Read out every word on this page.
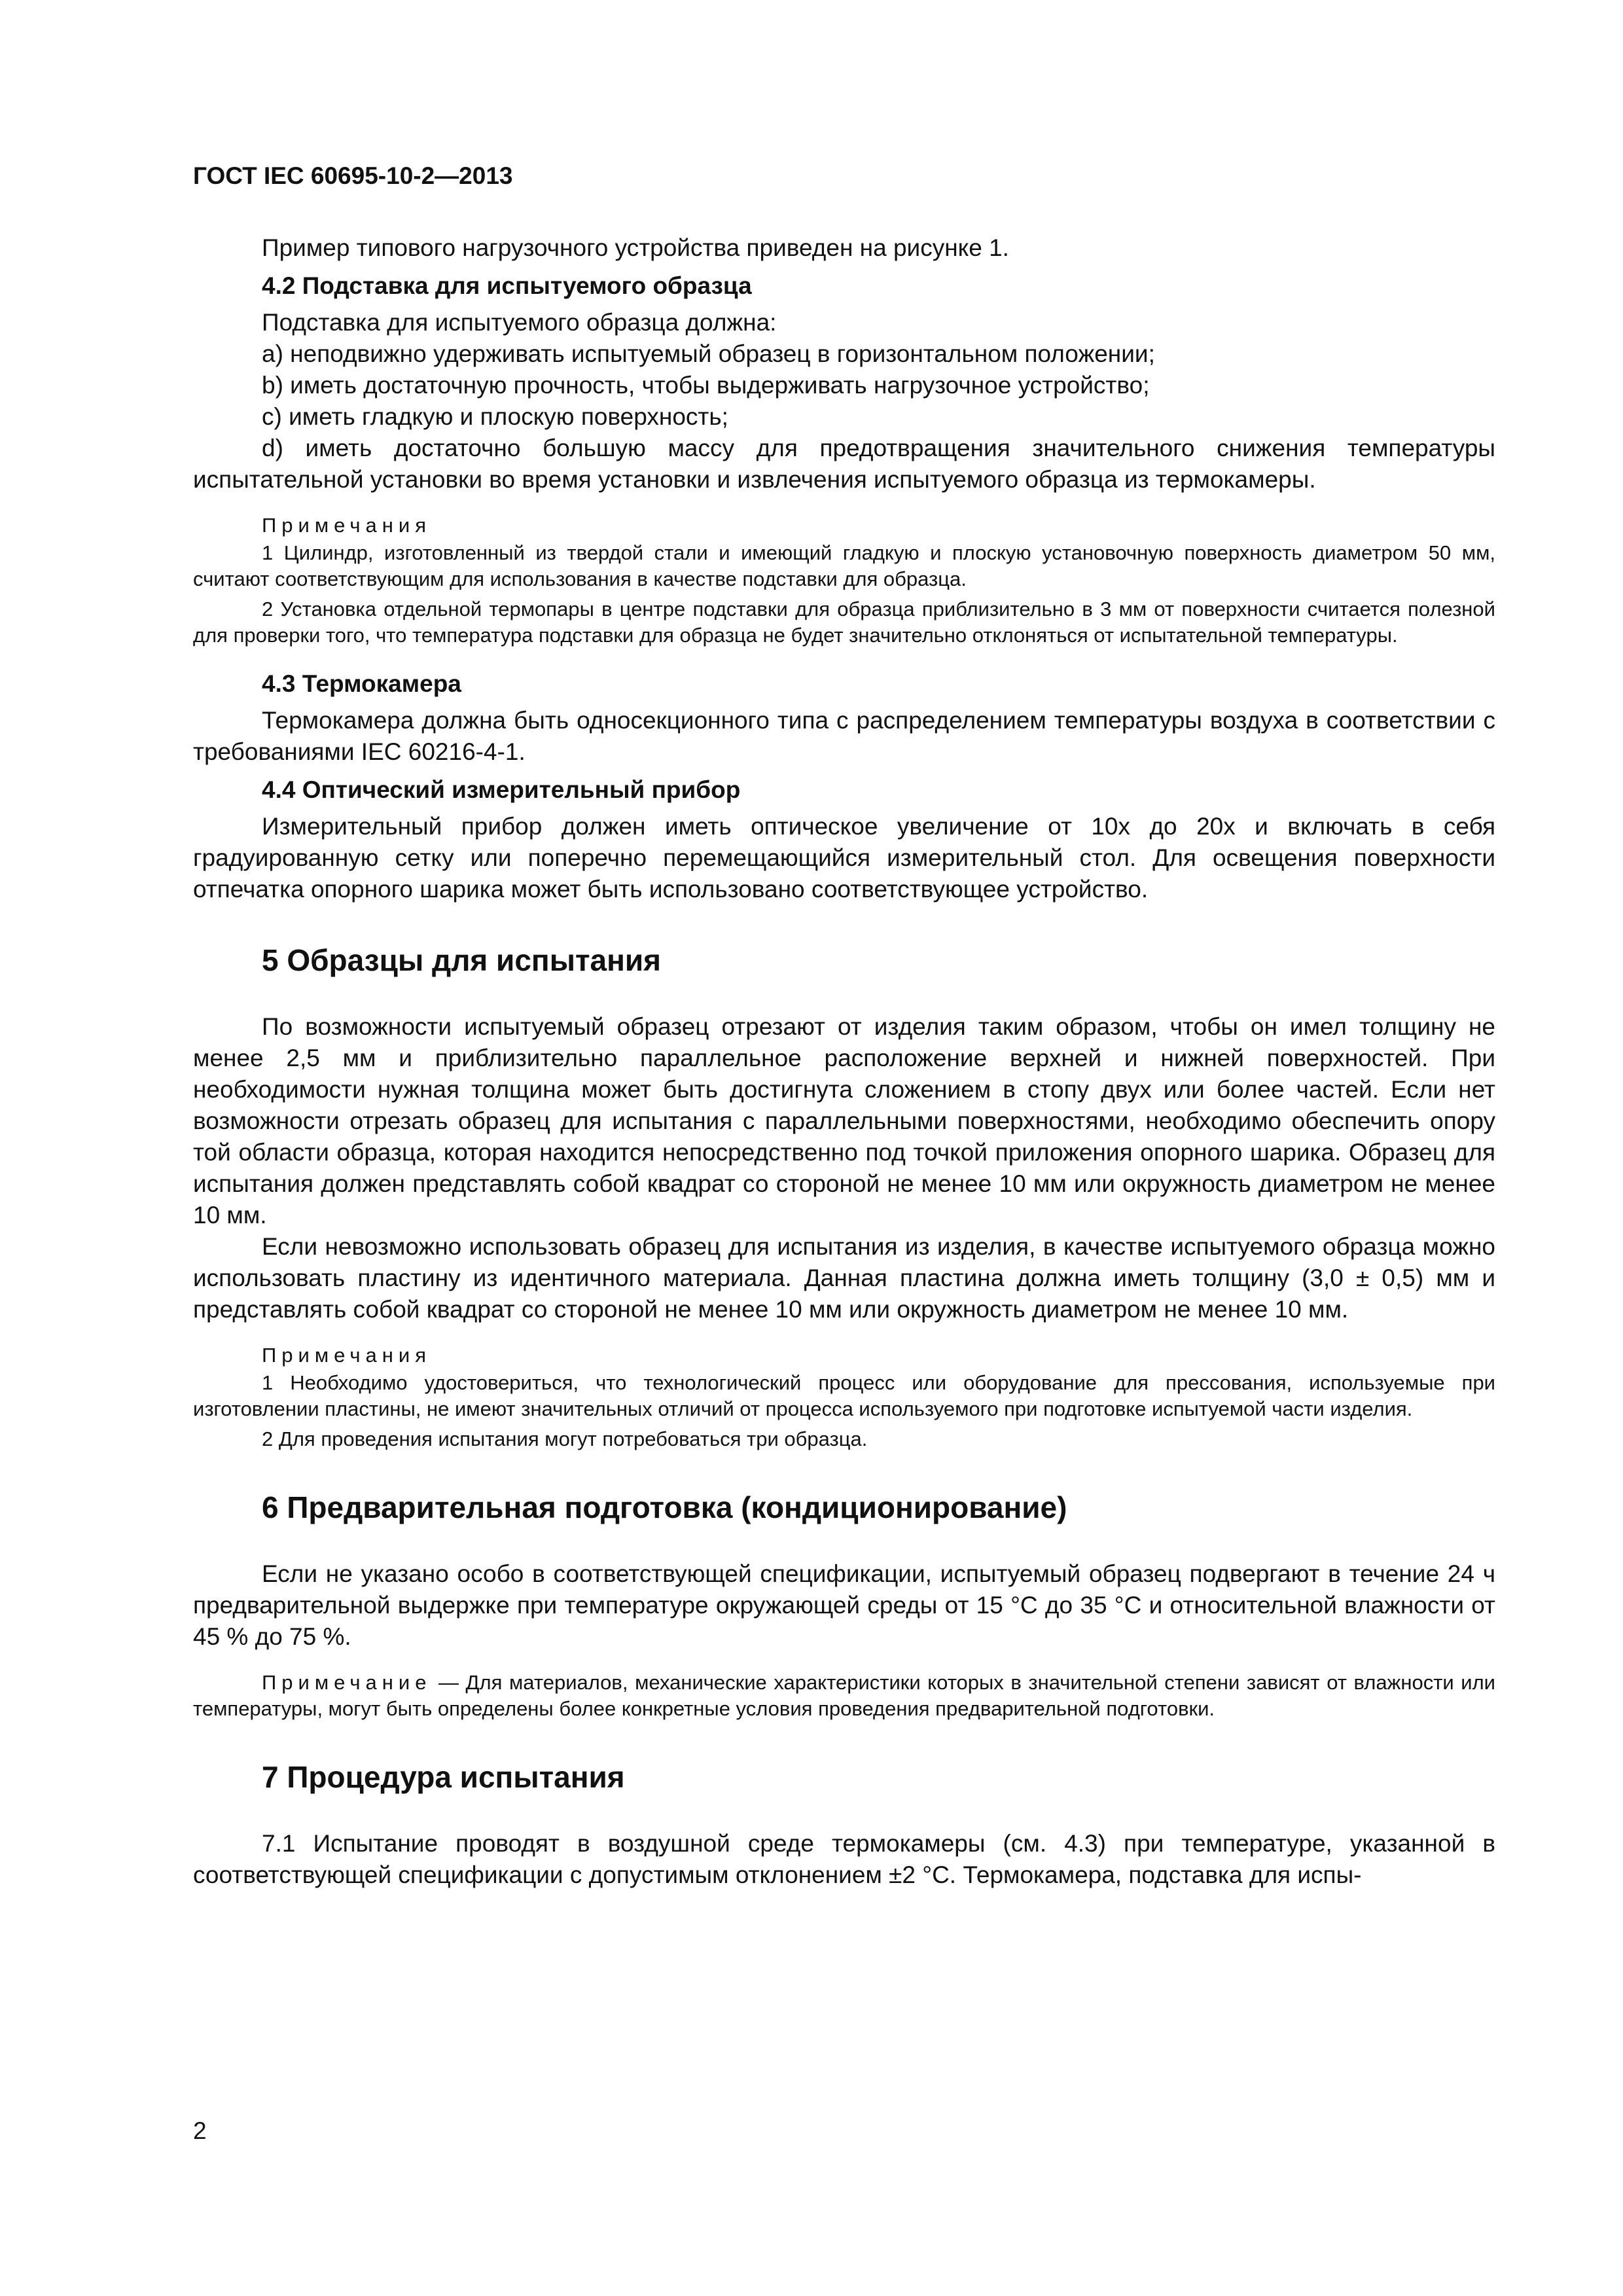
ГОСТ IEC 60695-10-2—2013

Пример типового нагрузочного устройства приведен на рисунке 1.

4.2 Подставка для испытуемого образца

Подставка для испытуемого образца должна:

a) неподвижно удерживать испытуемый образец в горизонтальном положении;

b) иметь достаточную прочность, чтобы выдерживать нагрузочное устройство;

c) иметь гладкую и плоскую поверхность;

d) иметь достаточно большую массу для предотвращения значительного снижения температуры испытательной установки во время установки и извлечения испытуемого образца из термокамеры.

Примечания

1 Цилиндр, изготовленный из твердой стали и имеющий гладкую и плоскую установочную поверхность диаметром 50 мм, считают соответствующим для использования в качестве подставки для образца.

2 Установка отдельной термопары в центре подставки для образца приблизительно в 3 мм от поверхности считается полезной для проверки того, что температура подставки для образца не будет значительно отклоняться от испытательной температуры.

4.3 Термокамера

Термокамера должна быть односекционного типа с распределением температуры воздуха в соответствии с требованиями IEC 60216-4-1.

4.4 Оптический измерительный прибор

Измерительный прибор должен иметь оптическое увеличение от 10х до 20х и включать в себя градуированную сетку или поперечно перемещающийся измерительный стол. Для освещения поверхности отпечатка опорного шарика может быть использовано соответствующее устройство.

5 Образцы для испытания

По возможности испытуемый образец отрезают от изделия таким образом, чтобы он имел толщину не менее 2,5 мм и приблизительно параллельное расположение верхней и нижней поверхностей. При необходимости нужная толщина может быть достигнута сложением в стопу двух или более частей. Если нет возможности отрезать образец для испытания с параллельными поверхностями, необходимо обеспечить опору той области образца, которая находится непосредственно под точкой приложения опорного шарика. Образец для испытания должен представлять собой квадрат со стороной не менее 10 мм или окружность диаметром не менее 10 мм.

Если невозможно использовать образец для испытания из изделия, в качестве испытуемого образца можно использовать пластину из идентичного материала. Данная пластина должна иметь толщину (3,0 ± 0,5) мм и представлять собой квадрат со стороной не менее 10 мм или окружность диаметром не менее 10 мм.

Примечания

1 Необходимо удостовериться, что технологический процесс или оборудование для прессования, используемые при изготовлении пластины, не имеют значительных отличий от процесса используемого при подготовке испытуемой части изделия.

2 Для проведения испытания могут потребоваться три образца.

6 Предварительная подготовка (кондиционирование)

Если не указано особо в соответствующей спецификации, испытуемый образец подвергают в течение 24 ч предварительной выдержке при температуре окружающей среды от 15 °С до 35 °С и относительной влажности от 45 % до 75 %.

Примечание — Для материалов, механические характеристики которых в значительной степени зависят от влажности или температуры, могут быть определены более конкретные условия проведения предварительной подготовки.

7 Процедура испытания

7.1 Испытание проводят в воздушной среде термокамеры (см. 4.3) при температуре, указанной в соответствующей спецификации с допустимым отклонением ±2 °С. Термокамера, подставка для испы-

2
